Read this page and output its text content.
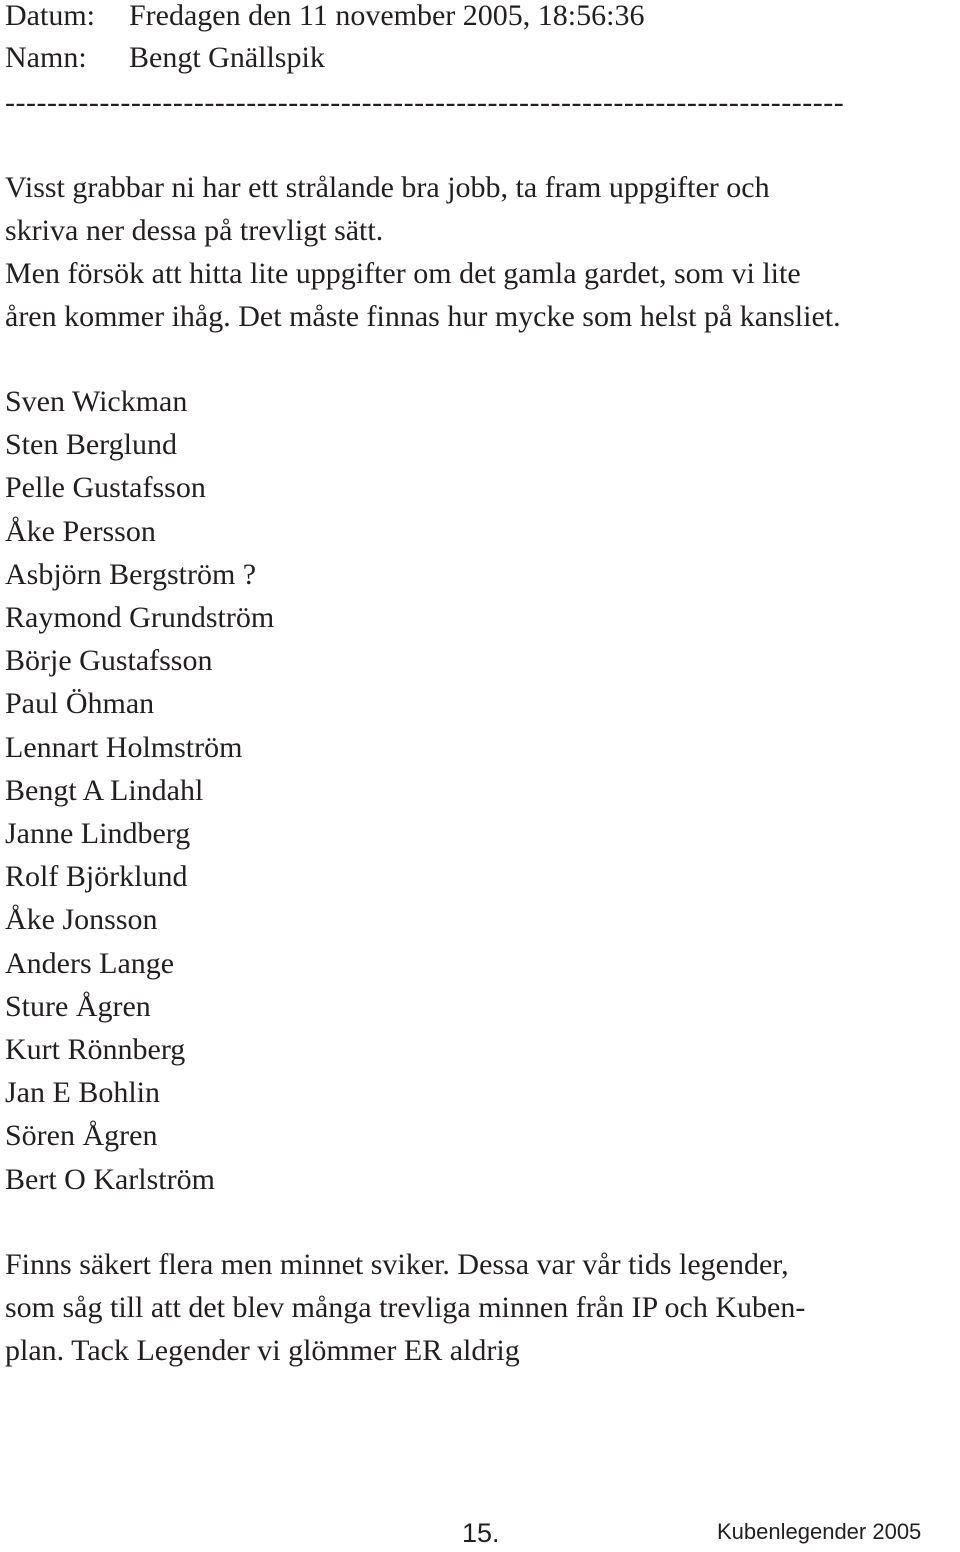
Datum: Fredagen den 11 november 2005, 18:56:36

Namn: Bengt Gnällspik

--------------------------------------------------------------------------------
Visst grabbar ni har ett strålande bra jobb, ta fram uppgifter och
skriva ner dessa på trevligt sätt.
Men försök att hitta lite uppgifter om det gamla gardet, som vi lite
åren kommer ihåg. Det måste finnas hur mycke som helst på kansliet.
Sven Wickman
Sten Berglund
Pelle Gustafsson
Åke Persson
Asbjörn Bergström ?
Raymond Grundström
Börje Gustafsson
Paul Öhman
Lennart Holmström
Bengt A Lindahl
Janne Lindberg
Rolf Björklund
Åke Jonsson
Anders Lange
Sture Ågren
Kurt Rönnberg
Jan E Bohlin
Sören Ågren
Bert O Karlström
Finns säkert flera men minnet sviker. Dessa var vår tids legender,
som såg till att det blev många trevliga minnen från IP och Kuben-
plan. Tack Legender vi glömmer ER aldrig
15.	Kubenlegender 2005
